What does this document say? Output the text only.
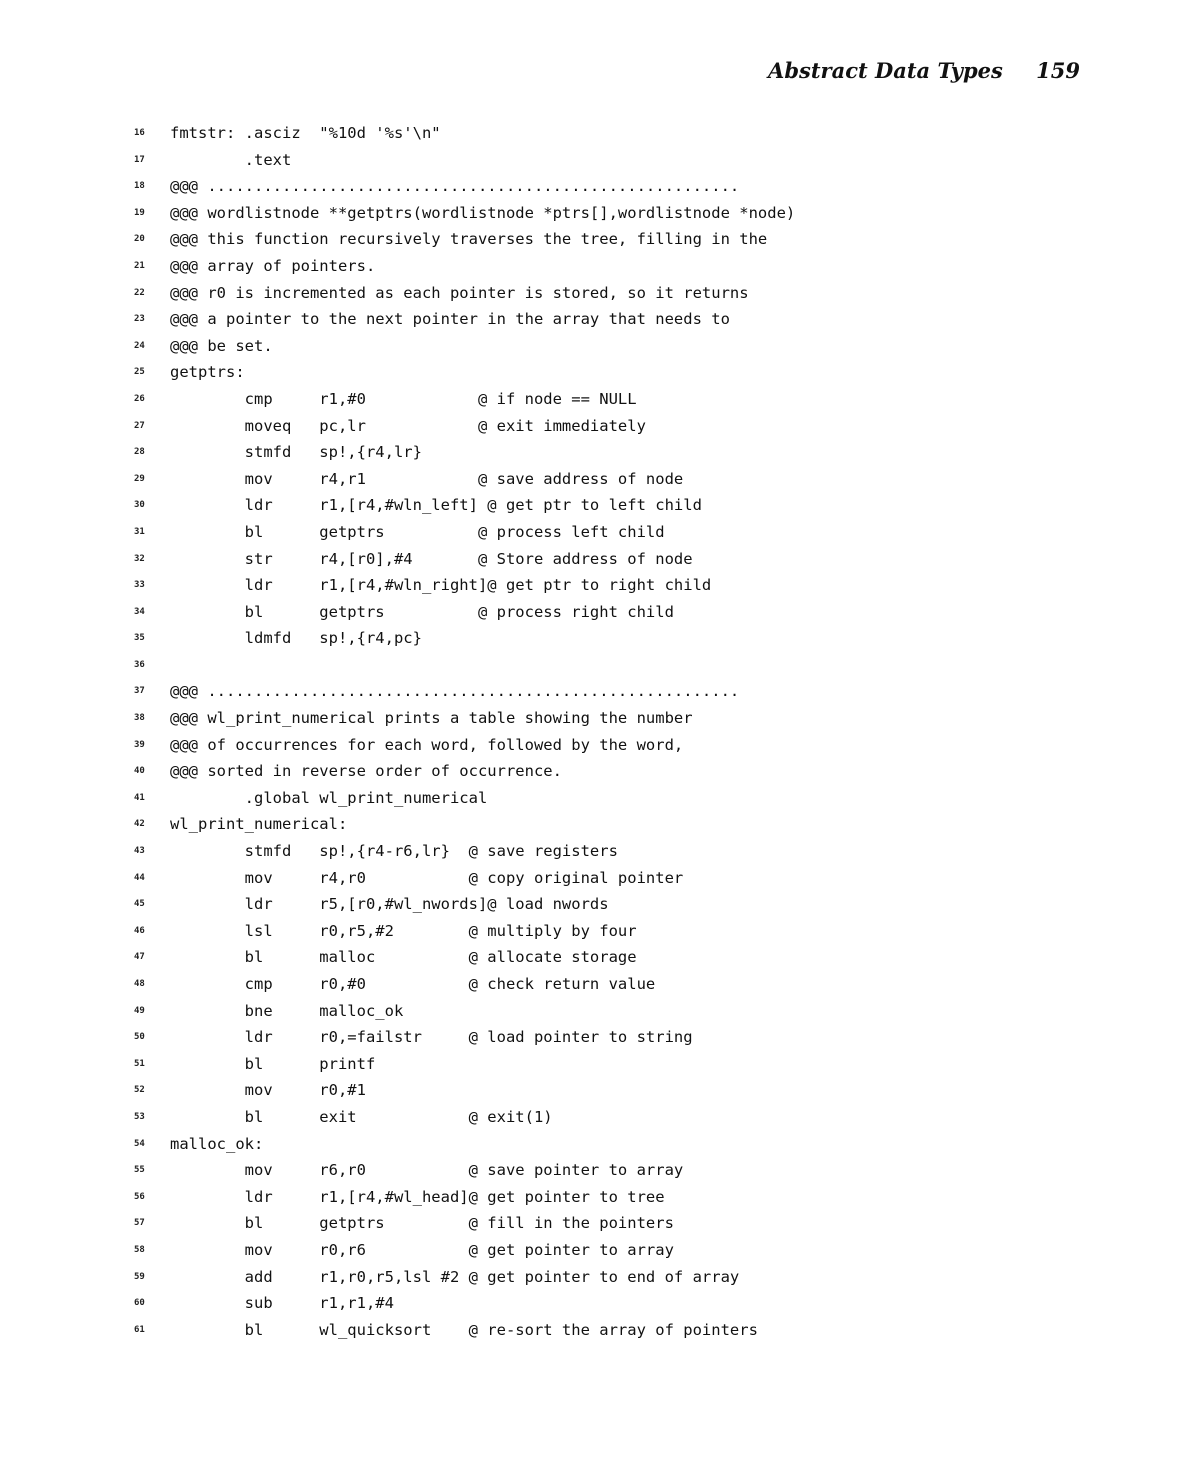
Abstract Data Types 159
16	fmtstr: .asciz  "%10d '%s'\n"
17	.text
18	@@@ .........................................................
19	@@@ wordlistnode **getptrs(wordlistnode *ptrs[],wordlistnode *node)
20	@@@ this function recursively traverses the tree, filling in the
21	@@@ array of pointers.
22	@@@ r0 is incremented as each pointer is stored, so it returns
23	@@@ a pointer to the next pointer in the array that needs to
24	@@@ be set.
25	getptrs:
26	cmp     r1,#0            @ if node == NULL
27	moveq   pc,lr            @ exit immediately
28	stmfd   sp!,{r4,lr}
29	mov     r4,r1            @ save address of node
30	ldr     r1,[r4,#wln_left] @ get ptr to left child
31	bl      getptrs          @ process left child
32	str     r4,[r0],#4       @ Store address of node
33	ldr     r1,[r4,#wln_right]@ get ptr to right child
34	bl      getptrs          @ process right child
35	ldmfd   sp!,{r4,pc}
36
37	@@@ .........................................................
38	@@@ wl_print_numerical prints a table showing the number
39	@@@ of occurrences for each word, followed by the word,
40	@@@ sorted in reverse order of occurrence.
41	.global wl_print_numerical
42	wl_print_numerical:
43	stmfd   sp!,{r4-r6,lr}  @ save registers
44	mov     r4,r0           @ copy original pointer
45	ldr     r5,[r0,#wl_nwords]@ load nwords
46	lsl     r0,r5,#2        @ multiply by four
47	bl      malloc          @ allocate storage
48	cmp     r0,#0           @ check return value
49	bne     malloc_ok
50	ldr     r0,=failstr     @ load pointer to string
51	bl      printf
52	mov     r0,#1
53	bl      exit            @ exit(1)
54	malloc_ok:
55	mov     r6,r0           @ save pointer to array
56	ldr     r1,[r4,#wl_head]@ get pointer to tree
57	bl      getptrs         @ fill in the pointers
58	mov     r0,r6           @ get pointer to array
59	add     r1,r0,r5,lsl #2 @ get pointer to end of array
60	sub     r1,r1,#4
61	bl      wl_quicksort    @ re-sort the array of pointers
